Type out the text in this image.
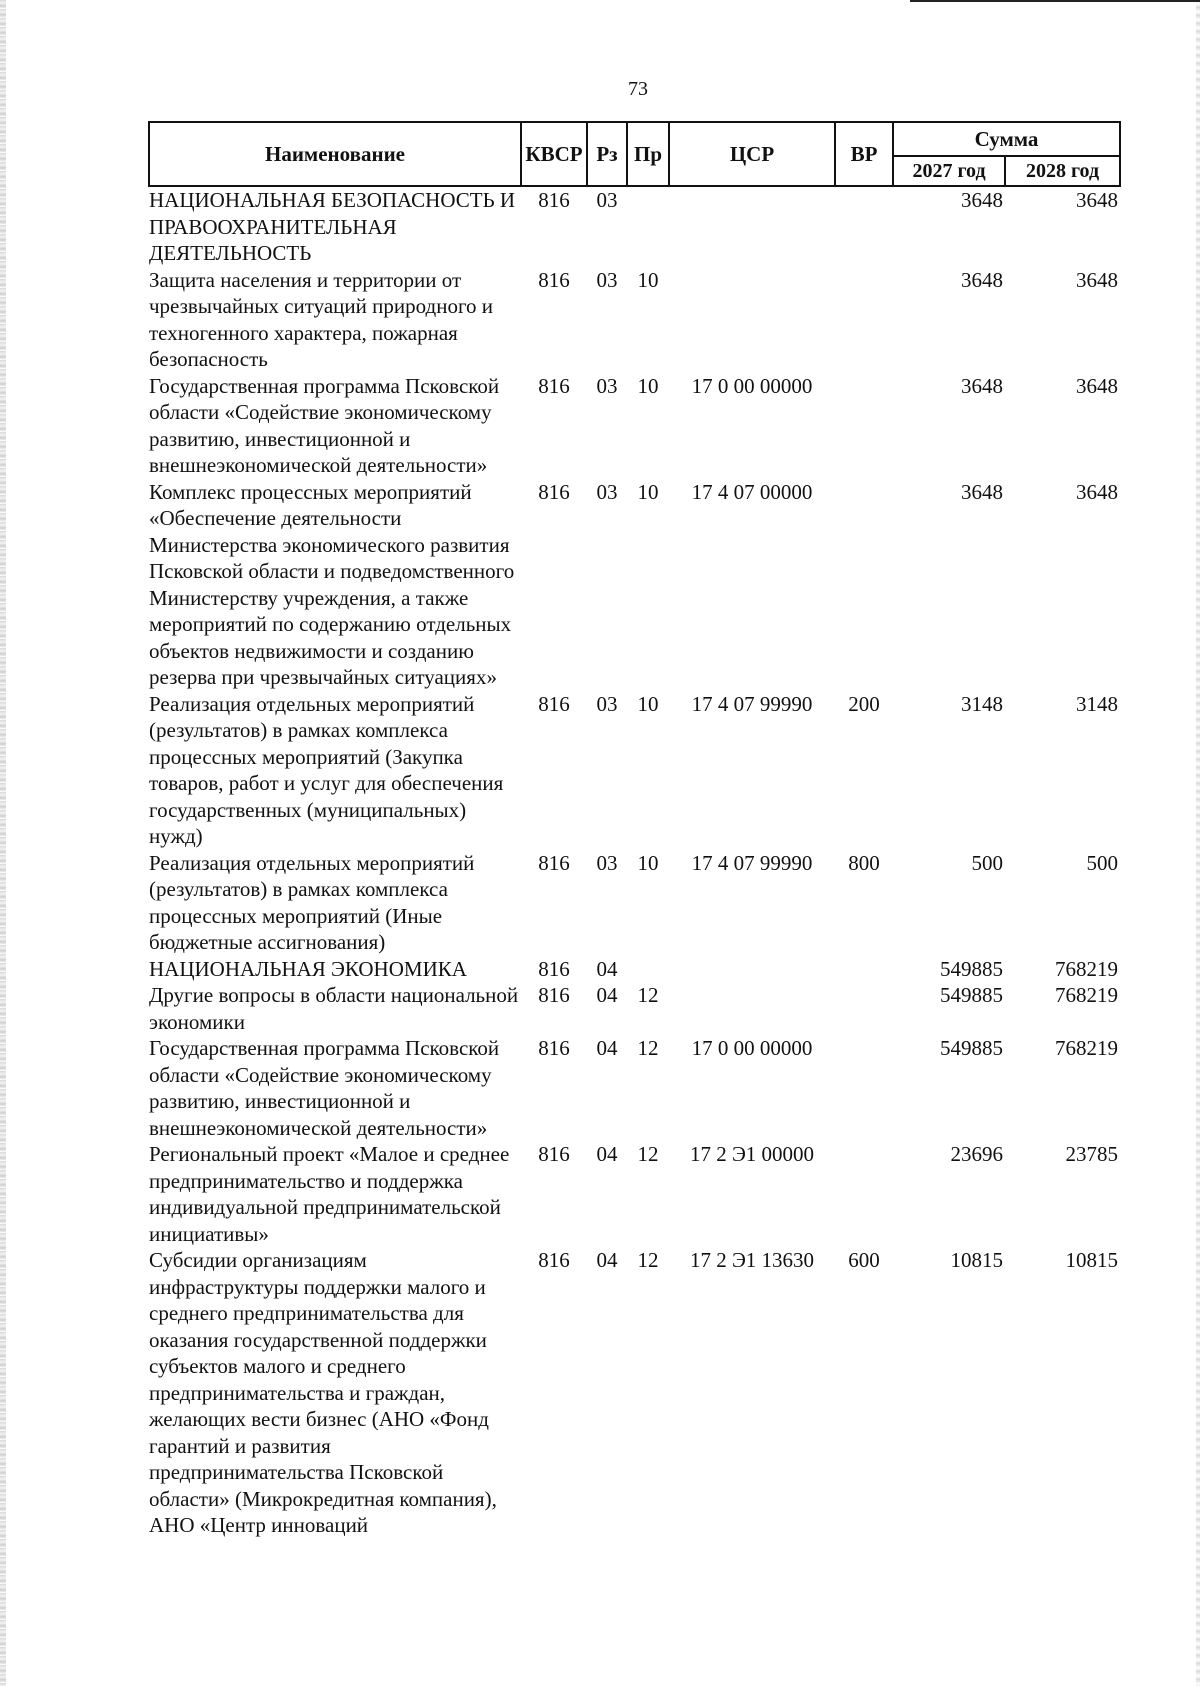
73
Наименование	КВСР	Рз	Пр	ЦСР	ВР	Сумма	
						2027 год	2028 год
НАЦИОНАЛЬНАЯ БЕЗОПАСНОСТЬ И ПРАВООХРАНИТЕЛЬНАЯ ДЕЯТЕЛЬНОСТЬ	816	03				3648	3648
Защита населения и территории от чрезвычайных ситуаций природного и техногенного характера, пожарная безопасность	816	03	10			3648	3648
Государственная программа Псковской области «Содействие экономическому развитию, инвестиционной и внешнеэкономической деятельности»	816	03	10	17 0 00 00000		3648	3648
Комплекс процессных мероприятий «Обеспечение деятельности Министерства экономического развития Псковской области и подведомственного Министерству учреждения, а также мероприятий по содержанию отдельных объектов недвижимости и созданию резерва при чрезвычайных ситуациях»	816	03	10	17 4 07 00000		3648	3648
Реализация отдельных мероприятий (результатов) в рамках комплекса процессных мероприятий (Закупка товаров, работ и услуг для обеспечения государственных (муниципальных) нужд)	816	03	10	17 4 07 99990	200	3148	3148
Реализация отдельных мероприятий (результатов) в рамках комплекса процессных мероприятий (Иные бюджетные ассигнования)	816	03	10	17 4 07 99990	800	500	500
НАЦИОНАЛЬНАЯ ЭКОНОМИКА	816	04				549885	768219
Другие вопросы в области национальной экономики	816	04	12			549885	768219
Государственная программа Псковской области «Содействие экономическому развитию, инвестиционной и внешнеэкономической деятельности»	816	04	12	17 0 00 00000		549885	768219
Региональный проект «Малое и среднее предпринимательство и поддержка индивидуальной предпринимательской инициативы»	816	04	12	17 2 Э1 00000		23696	23785
Субсидии организациям инфраструктуры поддержки малого и среднего предпринимательства для оказания государственной поддержки субъектов малого и среднего предпринимательства и граждан, желающих вести бизнес (АНО «Фонд гарантий и развития предпринимательства Псковской области» (Микрокредитная компания), АНО «Центр инноваций	816	04	12	17 2 Э1 13630	600	10815	10815
